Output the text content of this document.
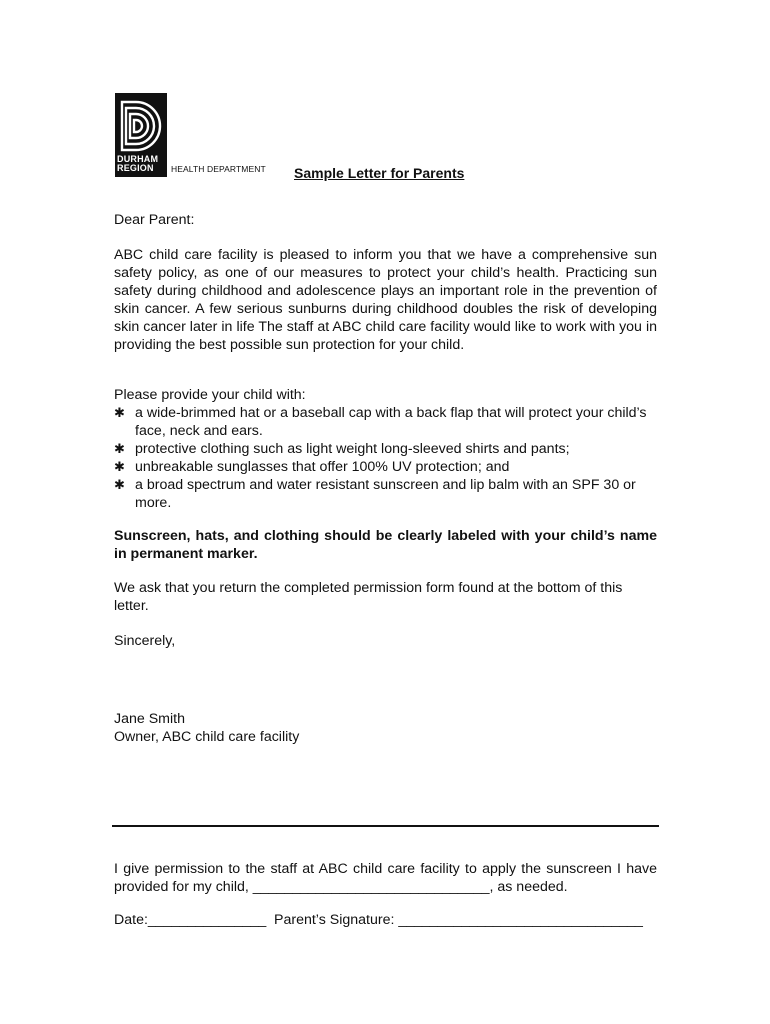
DURHAM
REGION	HEALTH DEPARTMENT Sample Letter for Parents
Dear Parent:
ABC child care facility is pleased to inform you that we have a comprehensive sun safety policy, as one of our measures to protect your child’s health. Practicing sun safety during childhood and adolescence plays an important role in the prevention of skin cancer. A few serious sunburns during childhood doubles the risk of developing skin cancer later in life The staff at ABC child care facility would like to work with you in providing the best possible sun protection for your child.
Please provide your child with:
✱ a wide-brimmed hat or a baseball cap with a back flap that will protect your child’s face, neck and ears.
✱ protective clothing such as light weight long-sleeved shirts and pants;
✱ unbreakable sunglasses that offer 100% UV protection; and
✱ a broad spectrum and water resistant sunscreen and lip balm with an SPF 30 or more.
Sunscreen, hats, and clothing should be clearly labeled with your child’s name in permanent marker.
We ask that you return the completed permission form found at the bottom of this letter.
Sincerely,
Jane Smith
Owner, ABC child care facility
I give permission to the staff at ABC child care facility to apply the sunscreen I have provided for my child, ______________________________, as needed.
Date:_______________ Parent’s Signature: _______________________________
